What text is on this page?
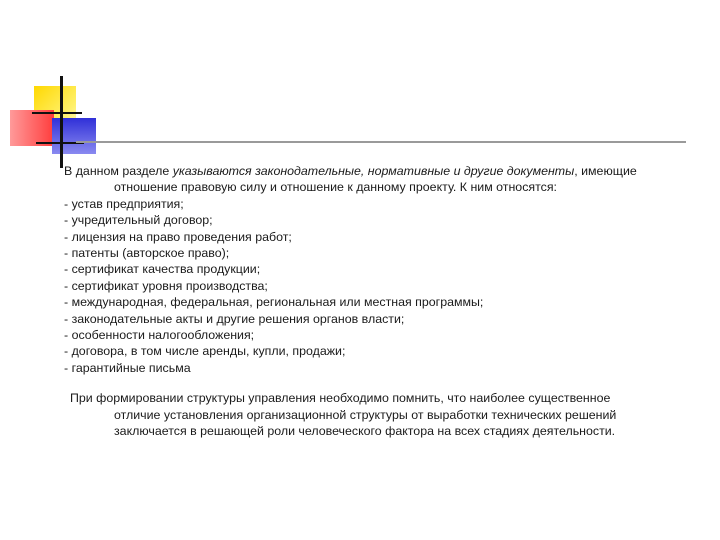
В данном разделе указываются законодательные, нормативные и другие документы, имеющие
отношение правовую силу и отношение к данному проекту. К ним относятся:

- устав предприятия;
- учредительный договор;
- лицензия на право проведения работ;
- патенты (авторское право);
- сертификат качества продукции;
- сертификат уровня производства;
- международная, федеральная, региональная или местная программы;
- законодательные акты и другие решения органов власти;
- особенности налогообложения;
- договора, в том числе аренды, купли, продажи;
- гарантийные письма

При формировании структуры управления необходимо помнить, что наиболее существенное
отличие установления организационной структуры от выработки технических решений
заключается в решающей роли человеческого фактора на всех стадиях деятельности.
